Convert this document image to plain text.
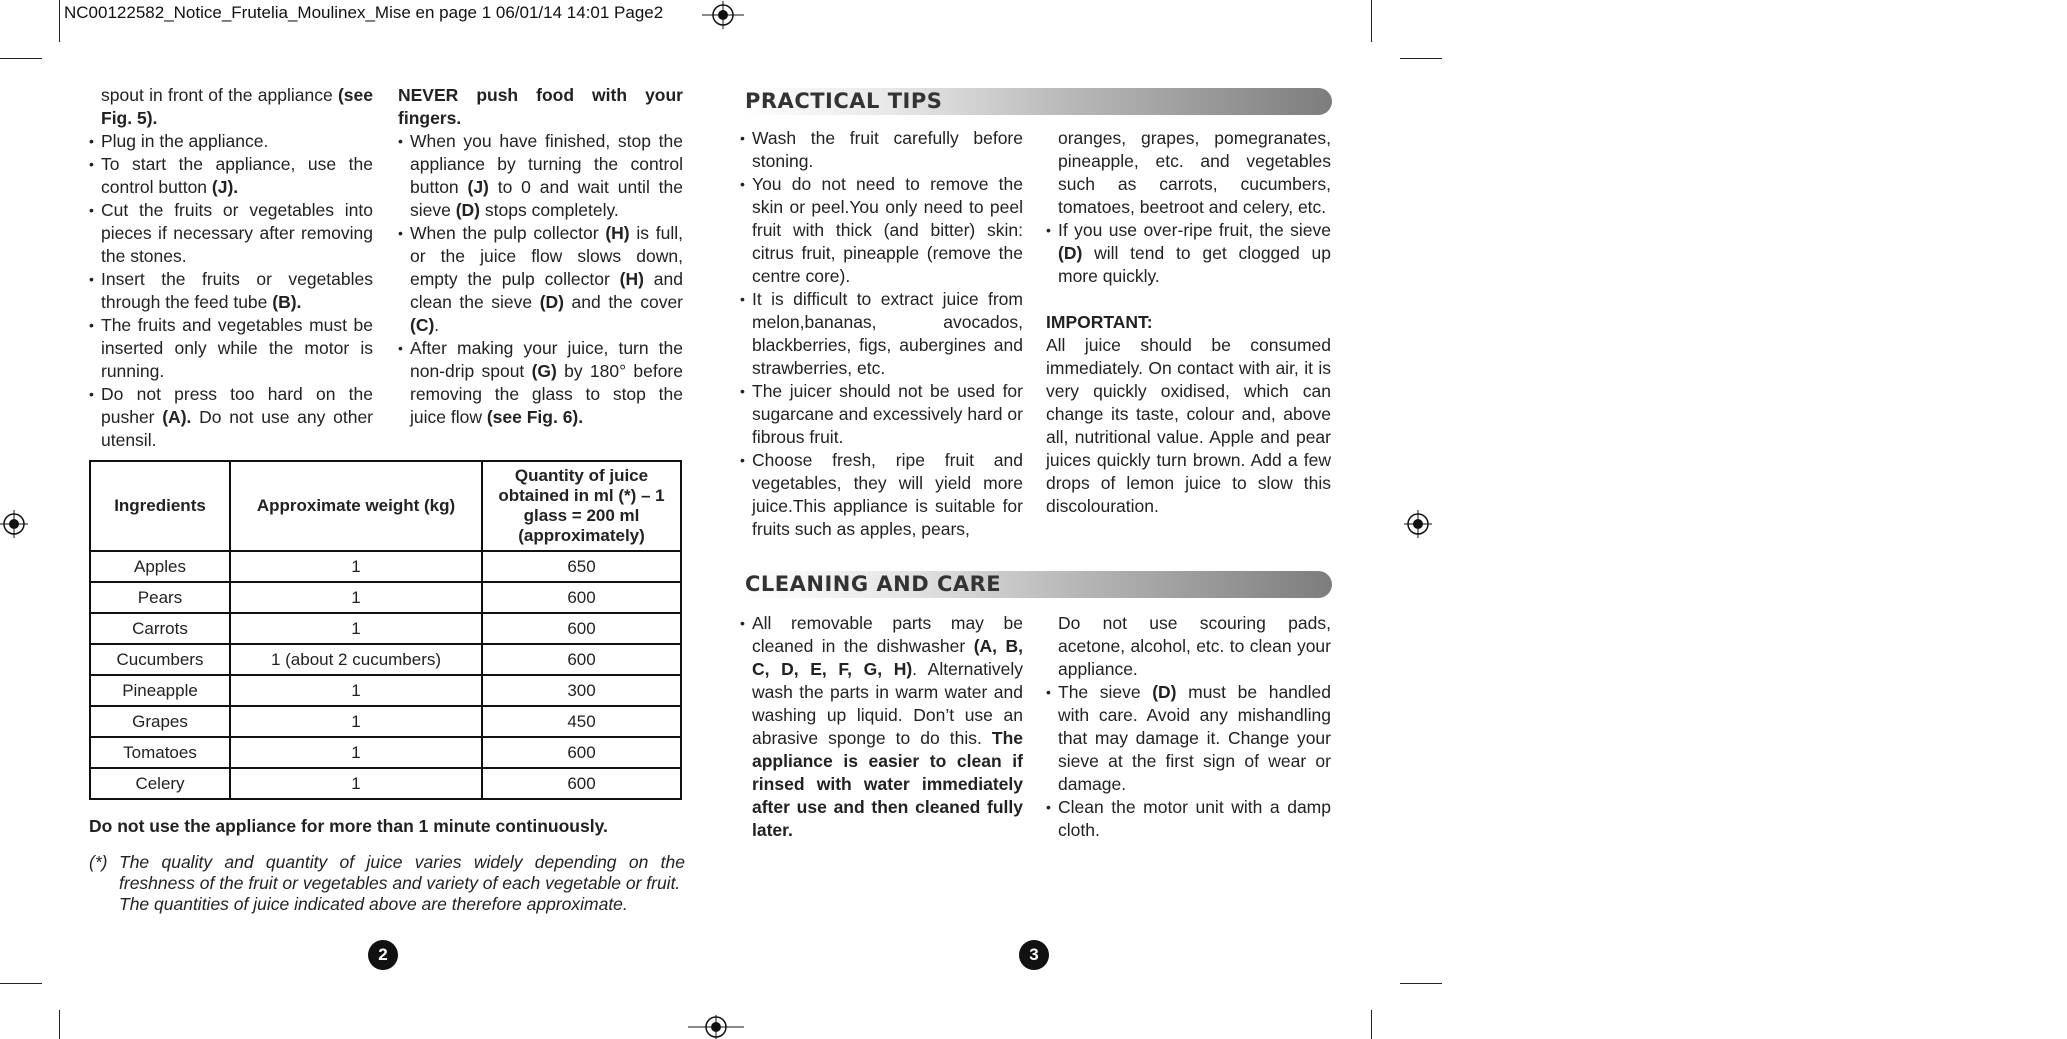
NC00122582_Notice_Frutelia_Moulinex_Mise en page 1 06/01/14 14:01 Page2
spout in front of the appliance (see Fig. 5).
• Plug in the appliance.
• To start the appliance, use the control button (J).
• Cut the fruits or vegetables into pieces if necessary after removing the stones.
• Insert the fruits or vegetables through the feed tube (B).
• The fruits and vegetables must be inserted only while the motor is running.
• Do not press too hard on the pusher (A). Do not use any other utensil.
NEVER push food with your fingers.
• When you have finished, stop the appliance by turning the control button (J) to 0 and wait until the sieve (D) stops completely.
• When the pulp collector (H) is full, or the juice flow slows down, empty the pulp collector (H) and clean the sieve (D) and the cover (C).
• After making your juice, turn the non-drip spout (G) by 180° before removing the glass to stop the juice flow (see Fig. 6).
Ingredients	Approximate weight (kg)	Quantity of juice obtained in ml (*) – 1 glass = 200 ml (approximately)
Apples	1	650
Pears	1	600
Carrots	1	600
Cucumbers	1 (about 2 cucumbers)	600
Pineapple	1	300
Grapes	1	450
Tomatoes	1	600
Celery	1	600
Do not use the appliance for more than 1 minute continuously.
(*) The quality and quantity of juice varies widely depending on the freshness of the fruit or vegetables and variety of each vegetable or fruit.
The quantities of juice indicated above are therefore approximate.
PRACTICAL TIPS
• Wash the fruit carefully before stoning.
• You do not need to remove the skin or peel.You only need to peel fruit with thick (and bitter) skin: citrus fruit, pineapple (remove the centre core).
• It is difficult to extract juice from melon,bananas, avocados, blackberries, figs, aubergines and strawberries, etc.
• The juicer should not be used for sugarcane and excessively hard or fibrous fruit.
• Choose fresh, ripe fruit and vegetables, they will yield more juice.This appliance is suitable for fruits such as apples, pears,
oranges, grapes, pomegranates, pineapple, etc. and vegetables such as carrots, cucumbers, tomatoes, beetroot and celery, etc.
• If you use over-ripe fruit, the sieve (D) will tend to get clogged up more quickly.
IMPORTANT:

All juice should be consumed immediately. On contact with air, it is very quickly oxidised, which can change its taste, colour and, above all, nutritional value. Apple and pear juices quickly turn brown. Add a few drops of lemon juice to slow this discolouration.

CLEANING AND CARE
• All removable parts may be cleaned in the dishwasher (A, B, C, D, E, F, G, H). Alternatively wash the parts in warm water and washing up liquid. Don’t use an abrasive sponge to do this. The appliance is easier to clean if rinsed with water immediately after use and then cleaned fully later.
Do not use scouring pads, acetone, alcohol, etc. to clean your appliance.
• The sieve (D) must be handled with care. Avoid any mishandling that may damage it. Change your sieve at the first sign of wear or damage.
• Clean the motor unit with a damp cloth.
2	3
